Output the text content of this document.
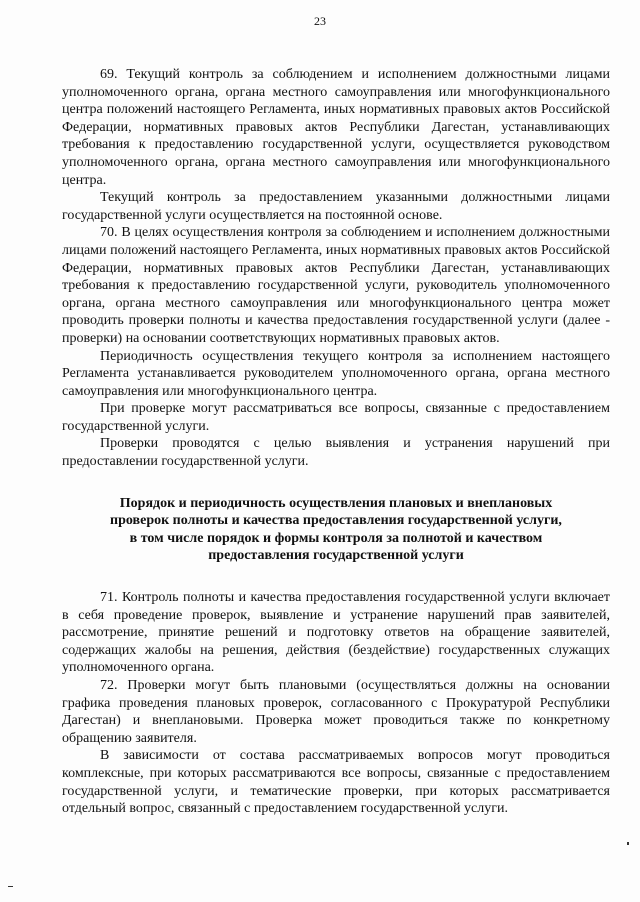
23

69. Текущий контроль за соблюдением и исполнением должностными лицами уполномоченного органа, органа местного самоуправления или многофункционального центра положений настоящего Регламента, иных нормативных правовых актов Российской Федерации, нормативных правовых актов Республики Дагестан, устанавливающих требования к предоставлению государственной услуги, осуществляется руководством уполномоченного органа, органа местного самоуправления или многофункционального центра.

Текущий контроль за предоставлением указанными должностными лицами государственной услуги осуществляется на постоянной основе.

70. В целях осуществления контроля за соблюдением и исполнением должностными лицами положений настоящего Регламента, иных нормативных правовых актов Российской Федерации, нормативных правовых актов Республики Дагестан, устанавливающих требования к предоставлению государственной услуги, руководитель уполномоченного органа, органа местного самоуправления или многофункционального центра может проводить проверки полноты и качества предоставления государственной услуги (далее - проверки) на основании соответствующих нормативных правовых актов.

Периодичность осуществления текущего контроля за исполнением настоящего Регламента устанавливается руководителем уполномоченного органа, органа местного самоуправления или многофункционального центра.

При проверке могут рассматриваться все вопросы, связанные с предоставлением государственной услуги.

Проверки проводятся с целью выявления и устранения нарушений при предоставлении государственной услуги.

Порядок и периодичность осуществления плановых и внеплановых
проверок полноты и качества предоставления государственной услуги,
в том числе порядок и формы контроля за полнотой и качеством
предоставления государственной услуги

71. Контроль полноты и качества предоставления государственной услуги включает в себя проведение проверок, выявление и устранение нарушений прав заявителей, рассмотрение, принятие решений и подготовку ответов на обращение заявителей, содержащих жалобы на решения, действия (бездействие) государственных служащих уполномоченного органа.

72. Проверки могут быть плановыми (осуществляться должны на основании графика проведения плановых проверок, согласованного с Прокуратурой Республики Дагестан) и внеплановыми. Проверка может проводиться также по конкретному обращению заявителя.

В зависимости от состава рассматриваемых вопросов могут проводиться комплексные, при которых рассматриваются все вопросы, связанные с предоставлением государственной услуги, и тематические проверки, при которых рассматривается отдельный вопрос, связанный с предоставлением государственной услуги.
